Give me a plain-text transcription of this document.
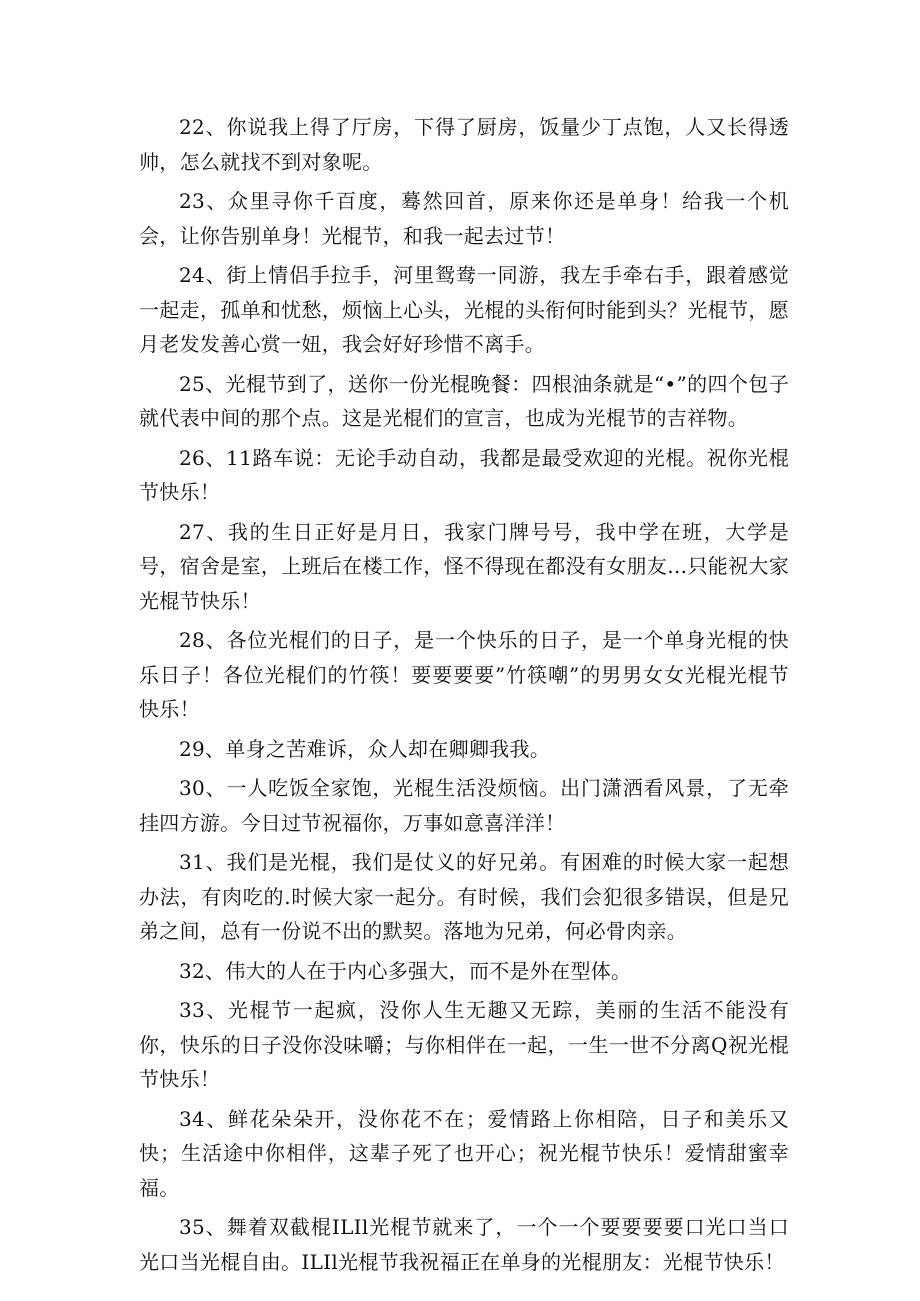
22、你说我上得了厅房，下得了厨房，饭量少丁点饱，人又长得透帅，怎么就找不到对象呢。

23、众里寻你千百度，蓦然回首，原来你还是单身！给我一个机会，让你告别单身！光棍节，和我一起去过节！

24、街上情侣手拉手，河里鸳鸯一同游，我左手牵右手，跟着感觉一起走，孤单和忧愁，烦恼上心头，光棍的头衔何时能到头？光棍节，愿月老发发善心赏一妞，我会好好珍惜不离手。

25、光棍节到了，送你一份光棍晚餐：四根油条就是“•”的四个包子就代表中间的那个点。这是光棍们的宣言，也成为光棍节的吉祥物。

26、11路车说：无论手动自动，我都是最受欢迎的光棍。祝你光棍节快乐！

27、我的生日正好是月日，我家门牌号号，我中学在班，大学是号，宿舍是室，上班后在楼工作，怪不得现在都没有女朋友…只能祝大家光棍节快乐！

28、各位光棍们的日子，是一个快乐的日子，是一个单身光棍的快乐日子！各位光棍们的竹筷！要要要要”竹筷嘲”的男男女女光棍光棍节快乐！

29、单身之苦难诉，众人却在卿卿我我。

30、一人吃饭全家饱，光棍生活没烦恼。出门潇洒看风景，了无牵挂四方游。今日过节祝福你，万事如意喜洋洋！

31、我们是光棍，我们是仗义的好兄弟。有困难的时候大家一起想办法，有肉吃的.时候大家一起分。有时候，我们会犯很多错误，但是兄弟之间，总有一份说不出的默契。落地为兄弟，何必骨肉亲。

32、伟大的人在于内心多强大，而不是外在型体。

33、光棍节一起疯，没你人生无趣又无踪，美丽的生活不能没有你，快乐的日子没你没味嚼；与你相伴在一起，一生一世不分离Q祝光棍节快乐！

34、鲜花朵朵开，没你花不在；爱情路上你相陪，日子和美乐又快；生活途中你相伴，这辈子死了也开心；祝光棍节快乐！爱情甜蜜幸福。

35、舞着双截棍ILIl光棍节就来了，一个一个要要要要口光口当口光口当光棍自由。ILIl光棍节我祝福正在单身的光棍朋友：光棍节快乐！
